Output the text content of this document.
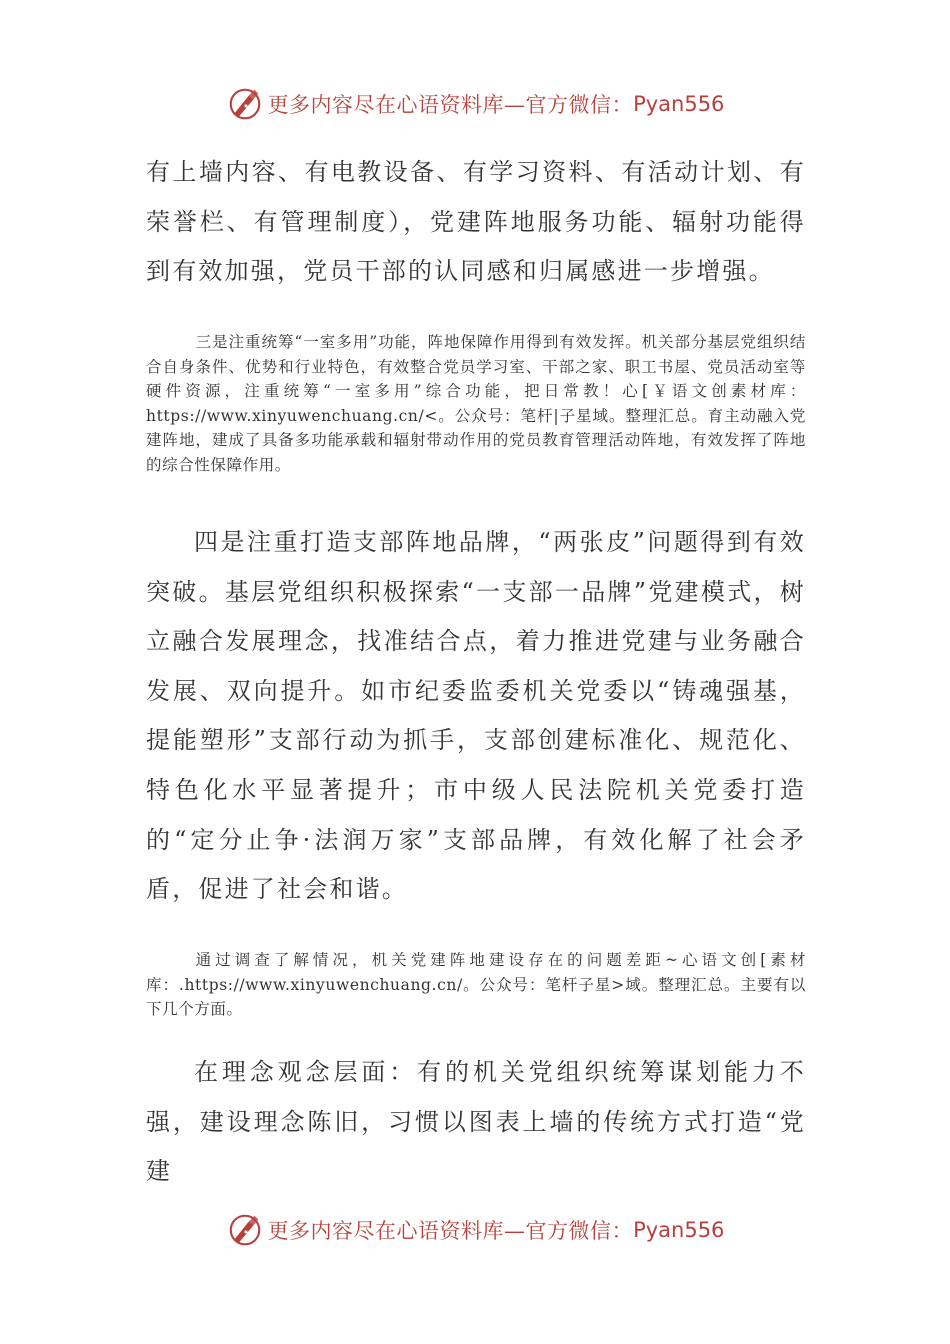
更多内容尽在心语资料库—官方微信： Pyan556

有上墙内容、有电教设备、有学习资料、有活动计划、有荣誉栏、有管理制度），党建阵地服务功能、辐射功能得到有效加强，党员干部的认同感和归属感进一步增强。

三是注重统筹“一室多用”功能，阵地保障作用得到有效发挥。机关部分基层党组织结合自身条件、优势和行业特色，有效整合党员学习室、干部之家、职工书屋、党员活动室等硬件资源，注重统筹“一室多用”综合功能，把日常教！心[￥语文创素材库：https://www.xinyuwenchuang.cn/<。公众号：笔杆|子星域。整理汇总。育主动融入党建阵地，建成了具备多功能承载和辐射带动作用的党员教育管理活动阵地，有效发挥了阵地的综合性保障作用。

四是注重打造支部阵地品牌，“两张皮”问题得到有效突破。基层党组织积极探索“一支部一品牌”党建模式，树立融合发展理念，找准结合点，着力推进党建与业务融合发展、双向提升。如市纪委监委机关党委以“铸魂强基，提能塑形”支部行动为抓手，支部创建标准化、规范化、特色化水平显著提升；市中级人民法院机关党委打造的“定分止争·法润万家”支部品牌，有效化解了社会矛盾，促进了社会和谐。

通过调查了解情况，机关党建阵地建设存在的问题差距~心语文创[素材库：.https://www.xinyuwenchuang.cn/。公众号：笔杆子星>域。整理汇总。主要有以下几个方面。

在理念观念层面：有的机关党组织统筹谋划能力不强，建设理念陈旧，习惯以图表上墙的传统方式打造“党建

更多内容尽在心语资料库—官方微信： Pyan556
